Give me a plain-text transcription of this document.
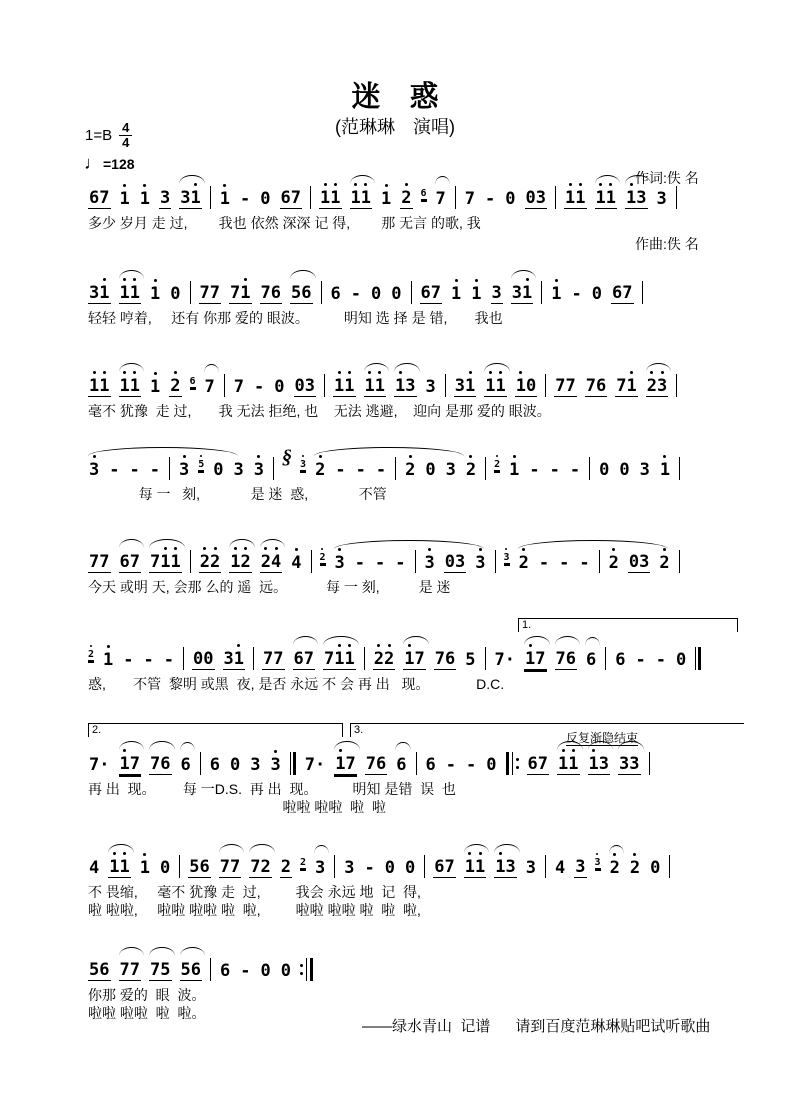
迷　惑
(范琳琳　演唱)

作词:佚 名

作曲:佚 名

$1=B \frac{4}{4}$
♩ =128
6 7 1 1 3 3 1 1 - 0 6 7 1 1 1 1 1 2 6 7 7 - 0 0 3 1 1 1 1 1 3 3
多少 岁月 走 过,        我也 依然 深深 记 得,        那 无言 的歌, 我
3 1 1 1 1 0 7 7 7 1 7 6 5 6 6 - 0 0 6 7 1 1 3 3 1 1 - 0 6 7
轻轻 哼着,     还有 你那 爱的 眼波。         明知 选 择 是 错,       我也
1 1 1 1 1 2 6 7 7 - 0 0 3 1 1 1 1 1 3 3 3 1 1 1 1 0 7 7 7 6 7 1 2 3
毫不 犹豫  走 过,       我 无法 拒绝, 也    无法 逃避,    迎向 是那 爱的 眼波。
3 - - - 3 5 0 3 3
§ 3 2 - - - 2 0 3 2 2 1 - - - 0 0 3 1
每 一   刻,             是 迷  惑,             不管
7 7 6 7 7 1 1 2 2 1 2 2 4 4 2 3 - - - 3 0 3 3 3 2 - - - 2 0 3 2
今天 或明 天, 会那 么的 遥  远。          每 一 刻,          是 迷
1.
2 1 - - - 0 0 3 1 7 7 6 7 7 1 1 2 2 1 7 7 6 5 7 · 1 7 7 6 6 6 - - 0
惑,       不管  黎明 或黑  夜, 是否 永远 不 会 再 出   现。            D.C.
2.	3.
反复渐隐结束
7 · 1 7 7 6 6 6 0 3 3 7 · 1 7 7 6 6 6 - - 0 6 7 1 1 1 3 3 3
再 出  现。       每 一D.S.  再 出  现。         明知 是错  误  也
啦啦 啦啦  啦  啦
4 1 1 1 0 5 6 7 7 7 2 2 2 3 3 - 0 0 6 7 1 1 1 3 3 4 3 3 2 2 0
不 畏缩,     毫不 犹豫 走  过,         我会 永远 地  记  得,
啦 啦啦,     啦啦 啦啦 啦  啦,         啦啦 啦啦 啦  啦  啦,
5 6 7 7 7 5 5 6 6 - 0 0
你那 爱的  眼  波。
啦啦 啦啦  啦  啦。
——绿水青山  记谱      请到百度范琳琳贴吧试听歌曲
